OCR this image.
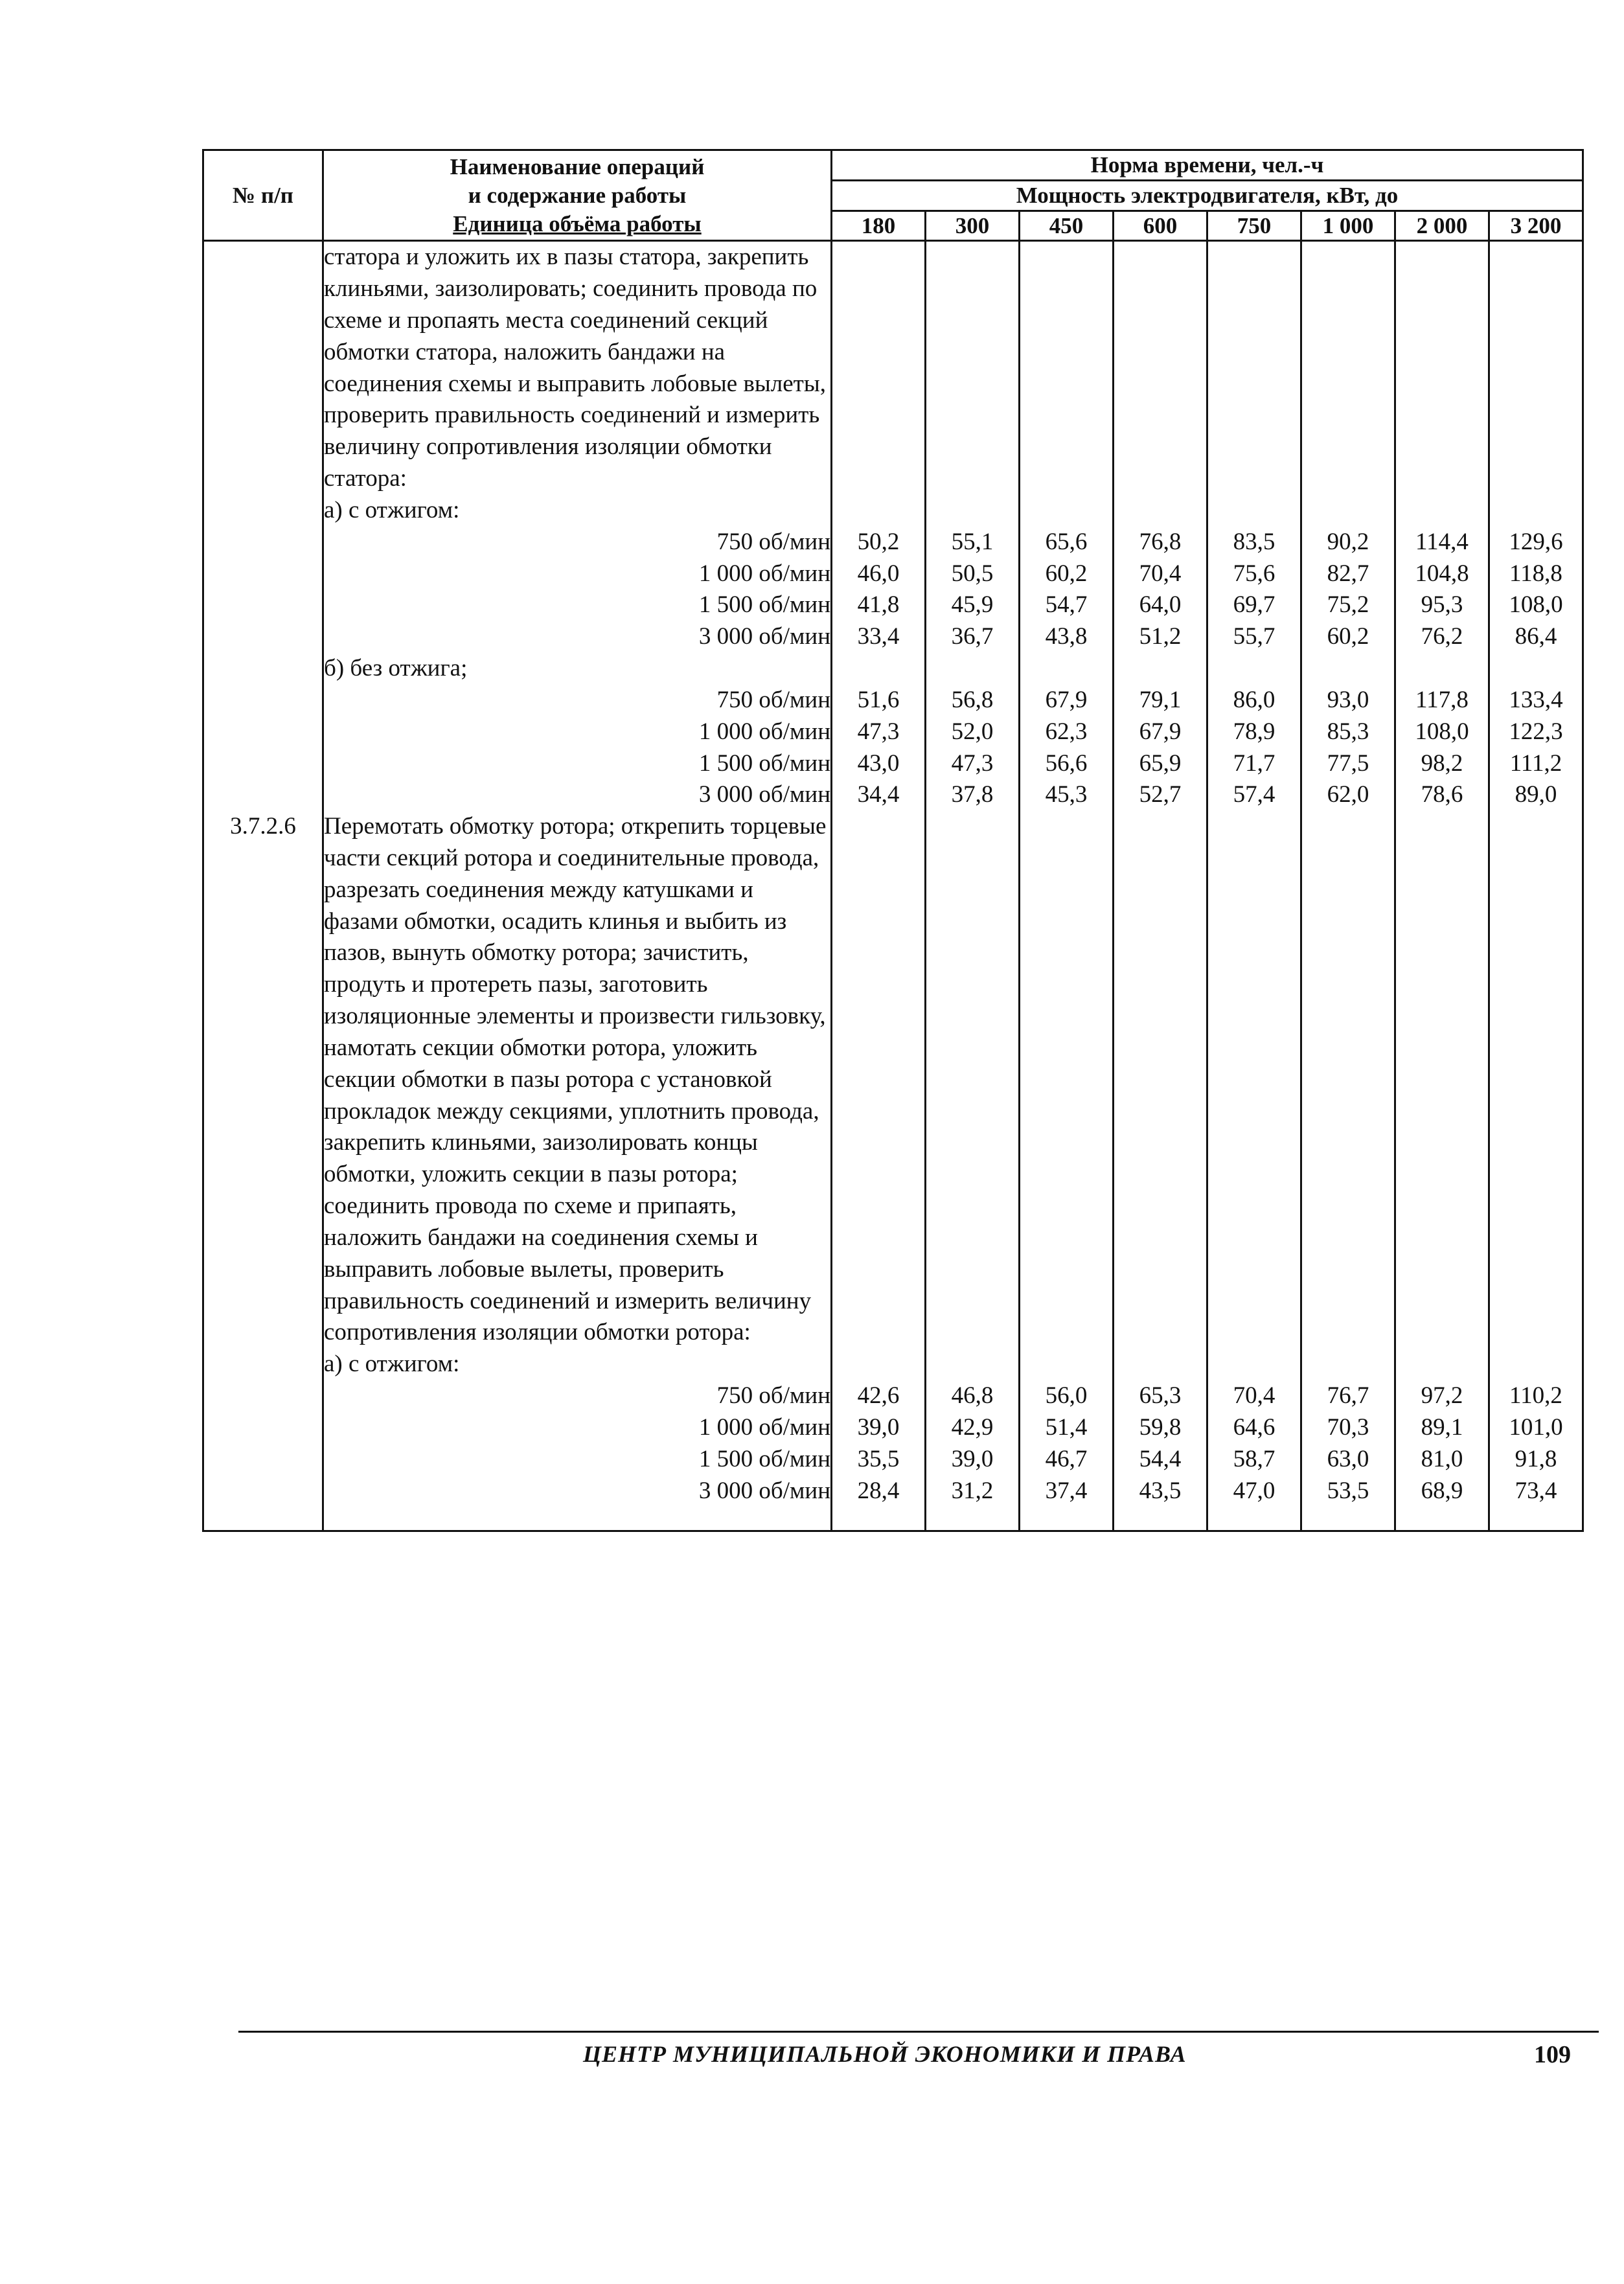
№ п/п	Наименование операций
и содержание работы
Единица объёма работы	Норма времени, чел.-ч							
		Мощность электродвигателя, кВт, до							
		180	300	450	600	750	1 000	2 000	3 200
	статора и уложить их в пазы статора, закрепить клиньями, заизолировать; соединить провода по схеме и пропаять места соединений секций обмотки статора, наложить бандажи на соединения схемы и выправить лобовые вылеты, проверить правильность соединений и измерить величину сопротивления изоляции обмотки статора:								
	а) с отжигом:								
	750 об/мин	50,2	55,1	65,6	76,8	83,5	90,2	114,4	129,6
	1 000 об/мин	46,0	50,5	60,2	70,4	75,6	82,7	104,8	118,8
	1 500 об/мин	41,8	45,9	54,7	64,0	69,7	75,2	95,3	108,0
	3 000 об/мин	33,4	36,7	43,8	51,2	55,7	60,2	76,2	86,4
	б) без отжига;								
	750 об/мин	51,6	56,8	67,9	79,1	86,0	93,0	117,8	133,4
	1 000 об/мин	47,3	52,0	62,3	67,9	78,9	85,3	108,0	122,3
	1 500 об/мин	43,0	47,3	56,6	65,9	71,7	77,5	98,2	111,2
	3 000 об/мин	34,4	37,8	45,3	52,7	57,4	62,0	78,6	89,0
3.7.2.6	Перемотать обмотку ротора; открепить торцевые части секций ротора и соединительные провода, разрезать соединения между катушками и фазами обмотки, осадить клинья и выбить из пазов, вынуть обмотку ротора; зачистить, продуть и протереть пазы, заготовить изоляционные элементы и произвести гильзовку, намотать секции обмотки ротора, уложить секции обмотки в пазы ротора с установкой прокладок между секциями, уплотнить провода, закрепить клиньями, заизолировать концы обмотки, уложить секции в пазы ротора; соединить провода по схеме и припаять, наложить бандажи на соединения схемы и выправить лобовые вылеты, проверить правильность соединений и измерить величину сопротивления изоляции обмотки ротора:								
	а) с отжигом:								
	750 об/мин	42,6	46,8	56,0	65,3	70,4	76,7	97,2	110,2
	1 000 об/мин	39,0	42,9	51,4	59,8	64,6	70,3	89,1	101,0
	1 500 об/мин	35,5	39,0	46,7	54,4	58,7	63,0	81,0	91,8
	3 000 об/мин	28,4	31,2	37,4	43,5	47,0	53,5	68,9	73,4
ЦЕНТР МУНИЦИПАЛЬНОЙ ЭКОНОМИКИ И ПРАВА	109
